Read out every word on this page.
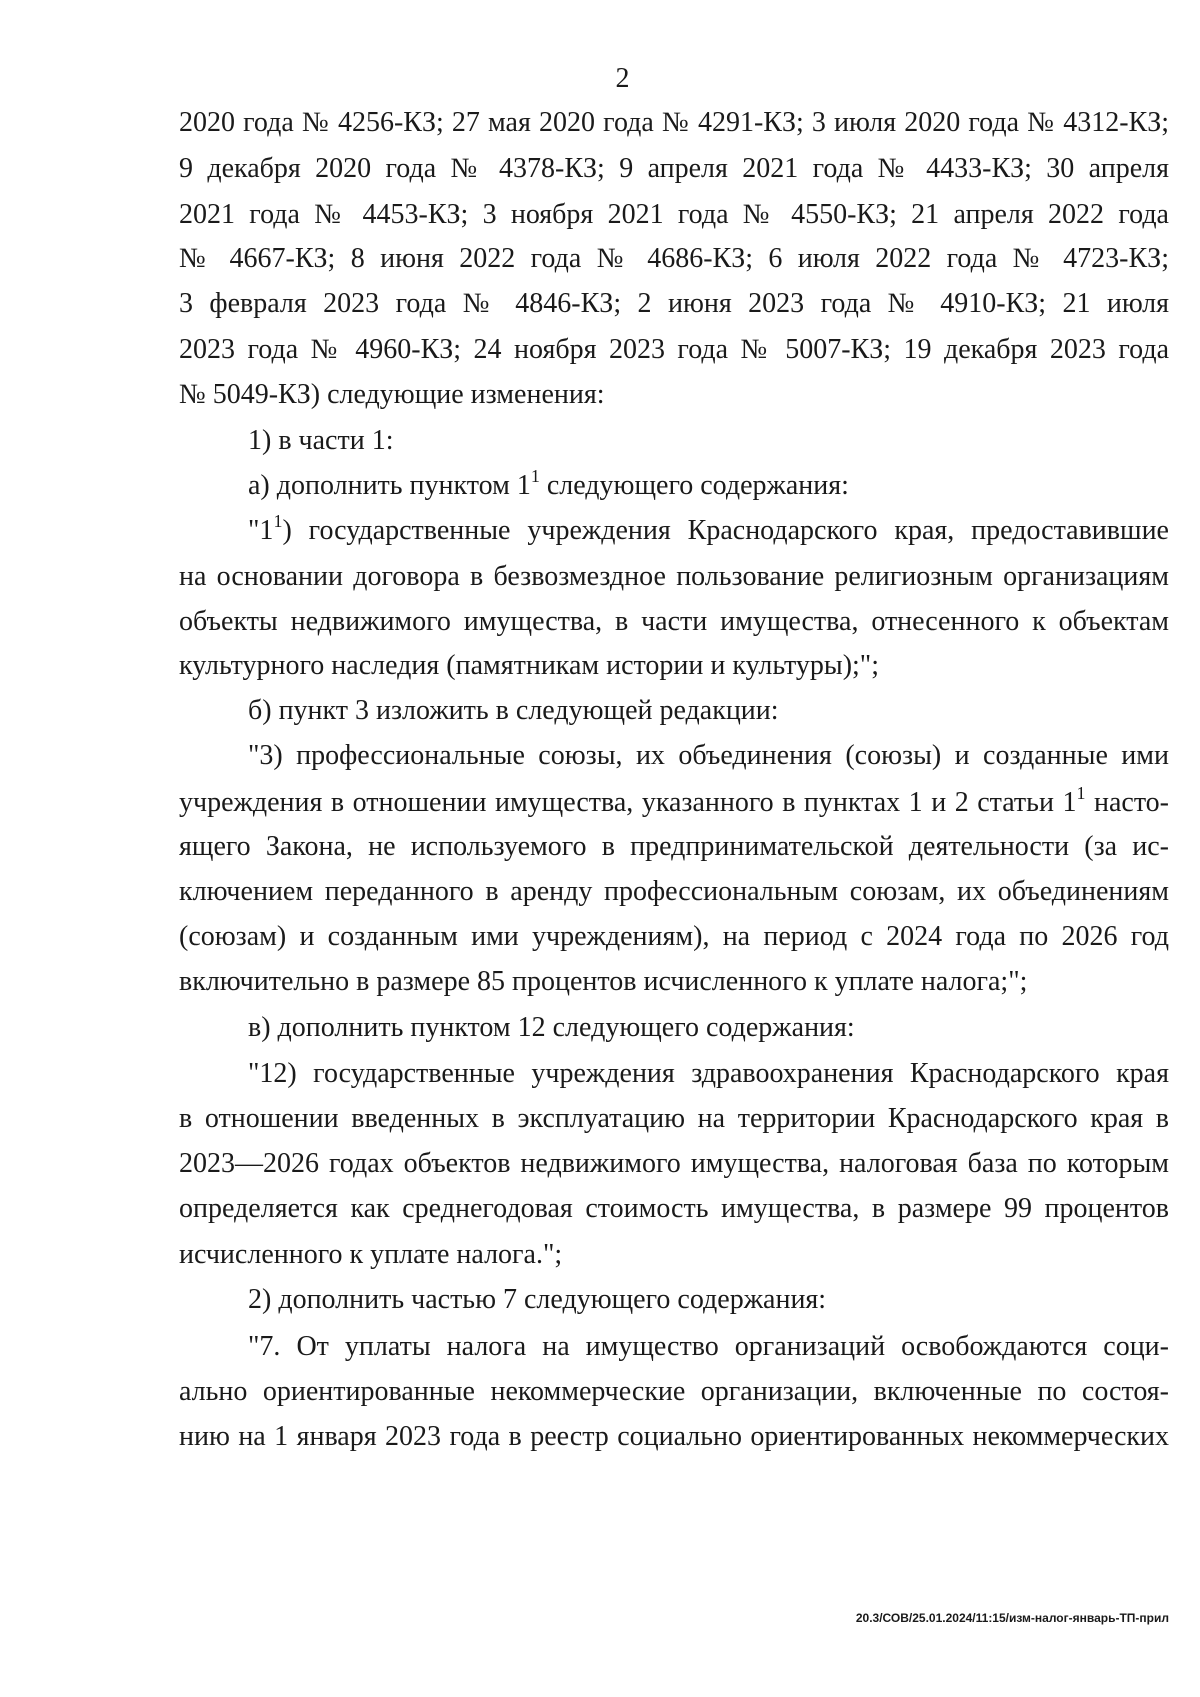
2
2020 года № 4256-КЗ; 27 мая 2020 года № 4291-КЗ; 3 июля 2020 года № 4312-КЗ;
9 декабря 2020 года № 4378-КЗ; 9 апреля 2021 года № 4433-КЗ; 30 апреля
2021 года № 4453-КЗ; 3 ноября 2021 года № 4550-КЗ; 21 апреля 2022 года
№ 4667-КЗ; 8 июня 2022 года № 4686-КЗ; 6 июля 2022 года № 4723-КЗ;
3 февраля 2023 года № 4846-КЗ; 2 июня 2023 года № 4910-КЗ; 21 июля
2023 года № 4960-КЗ; 24 ноября 2023 года № 5007-КЗ; 19 декабря 2023 года
№ 5049-КЗ) следующие изменения:
1) в части 1:
а) дополнить пунктом $1^1$ следующего содержания:
"$1^1$) государственные учреждения Краснодарского края, предоставившие
на основании договора в безвозмездное пользование религиозным организациям
объекты недвижимого имущества, в части имущества, отнесенного к объектам
культурного наследия (памятникам истории и культуры);";
б) пункт 3 изложить в следующей редакции:
"3) профессиональные союзы, их объединения (союзы) и созданные ими
учреждения в отношении имущества, указанного в пунктах 1 и 2 статьи $1^1$ насто-
ящего Закона, не используемого в предпринимательской деятельности (за ис-
ключением переданного в аренду профессиональным союзам, их объединениям
(союзам) и созданным ими учреждениям), на период с 2024 года по 2026 год
включительно в размере 85 процентов исчисленного к уплате налога;";
в) дополнить пунктом 12 следующего содержания:
"12) государственные учреждения здравоохранения Краснодарского края
в отношении введенных в эксплуатацию на территории Краснодарского края в
2023—2026 годах объектов недвижимого имущества, налоговая база по которым
определяется как среднегодовая стоимость имущества, в размере 99 процентов
исчисленного к уплате налога.";
2) дополнить частью 7 следующего содержания:
"7. От уплаты налога на имущество организаций освобождаются соци-
ально ориентированные некоммерческие организации, включенные по состоя-
нию на 1 января 2023 года в реестр социально ориентированных некоммерческих
20.3/СОВ/25.01.2024/11:15/изм-налог-январь-ТП-прил
